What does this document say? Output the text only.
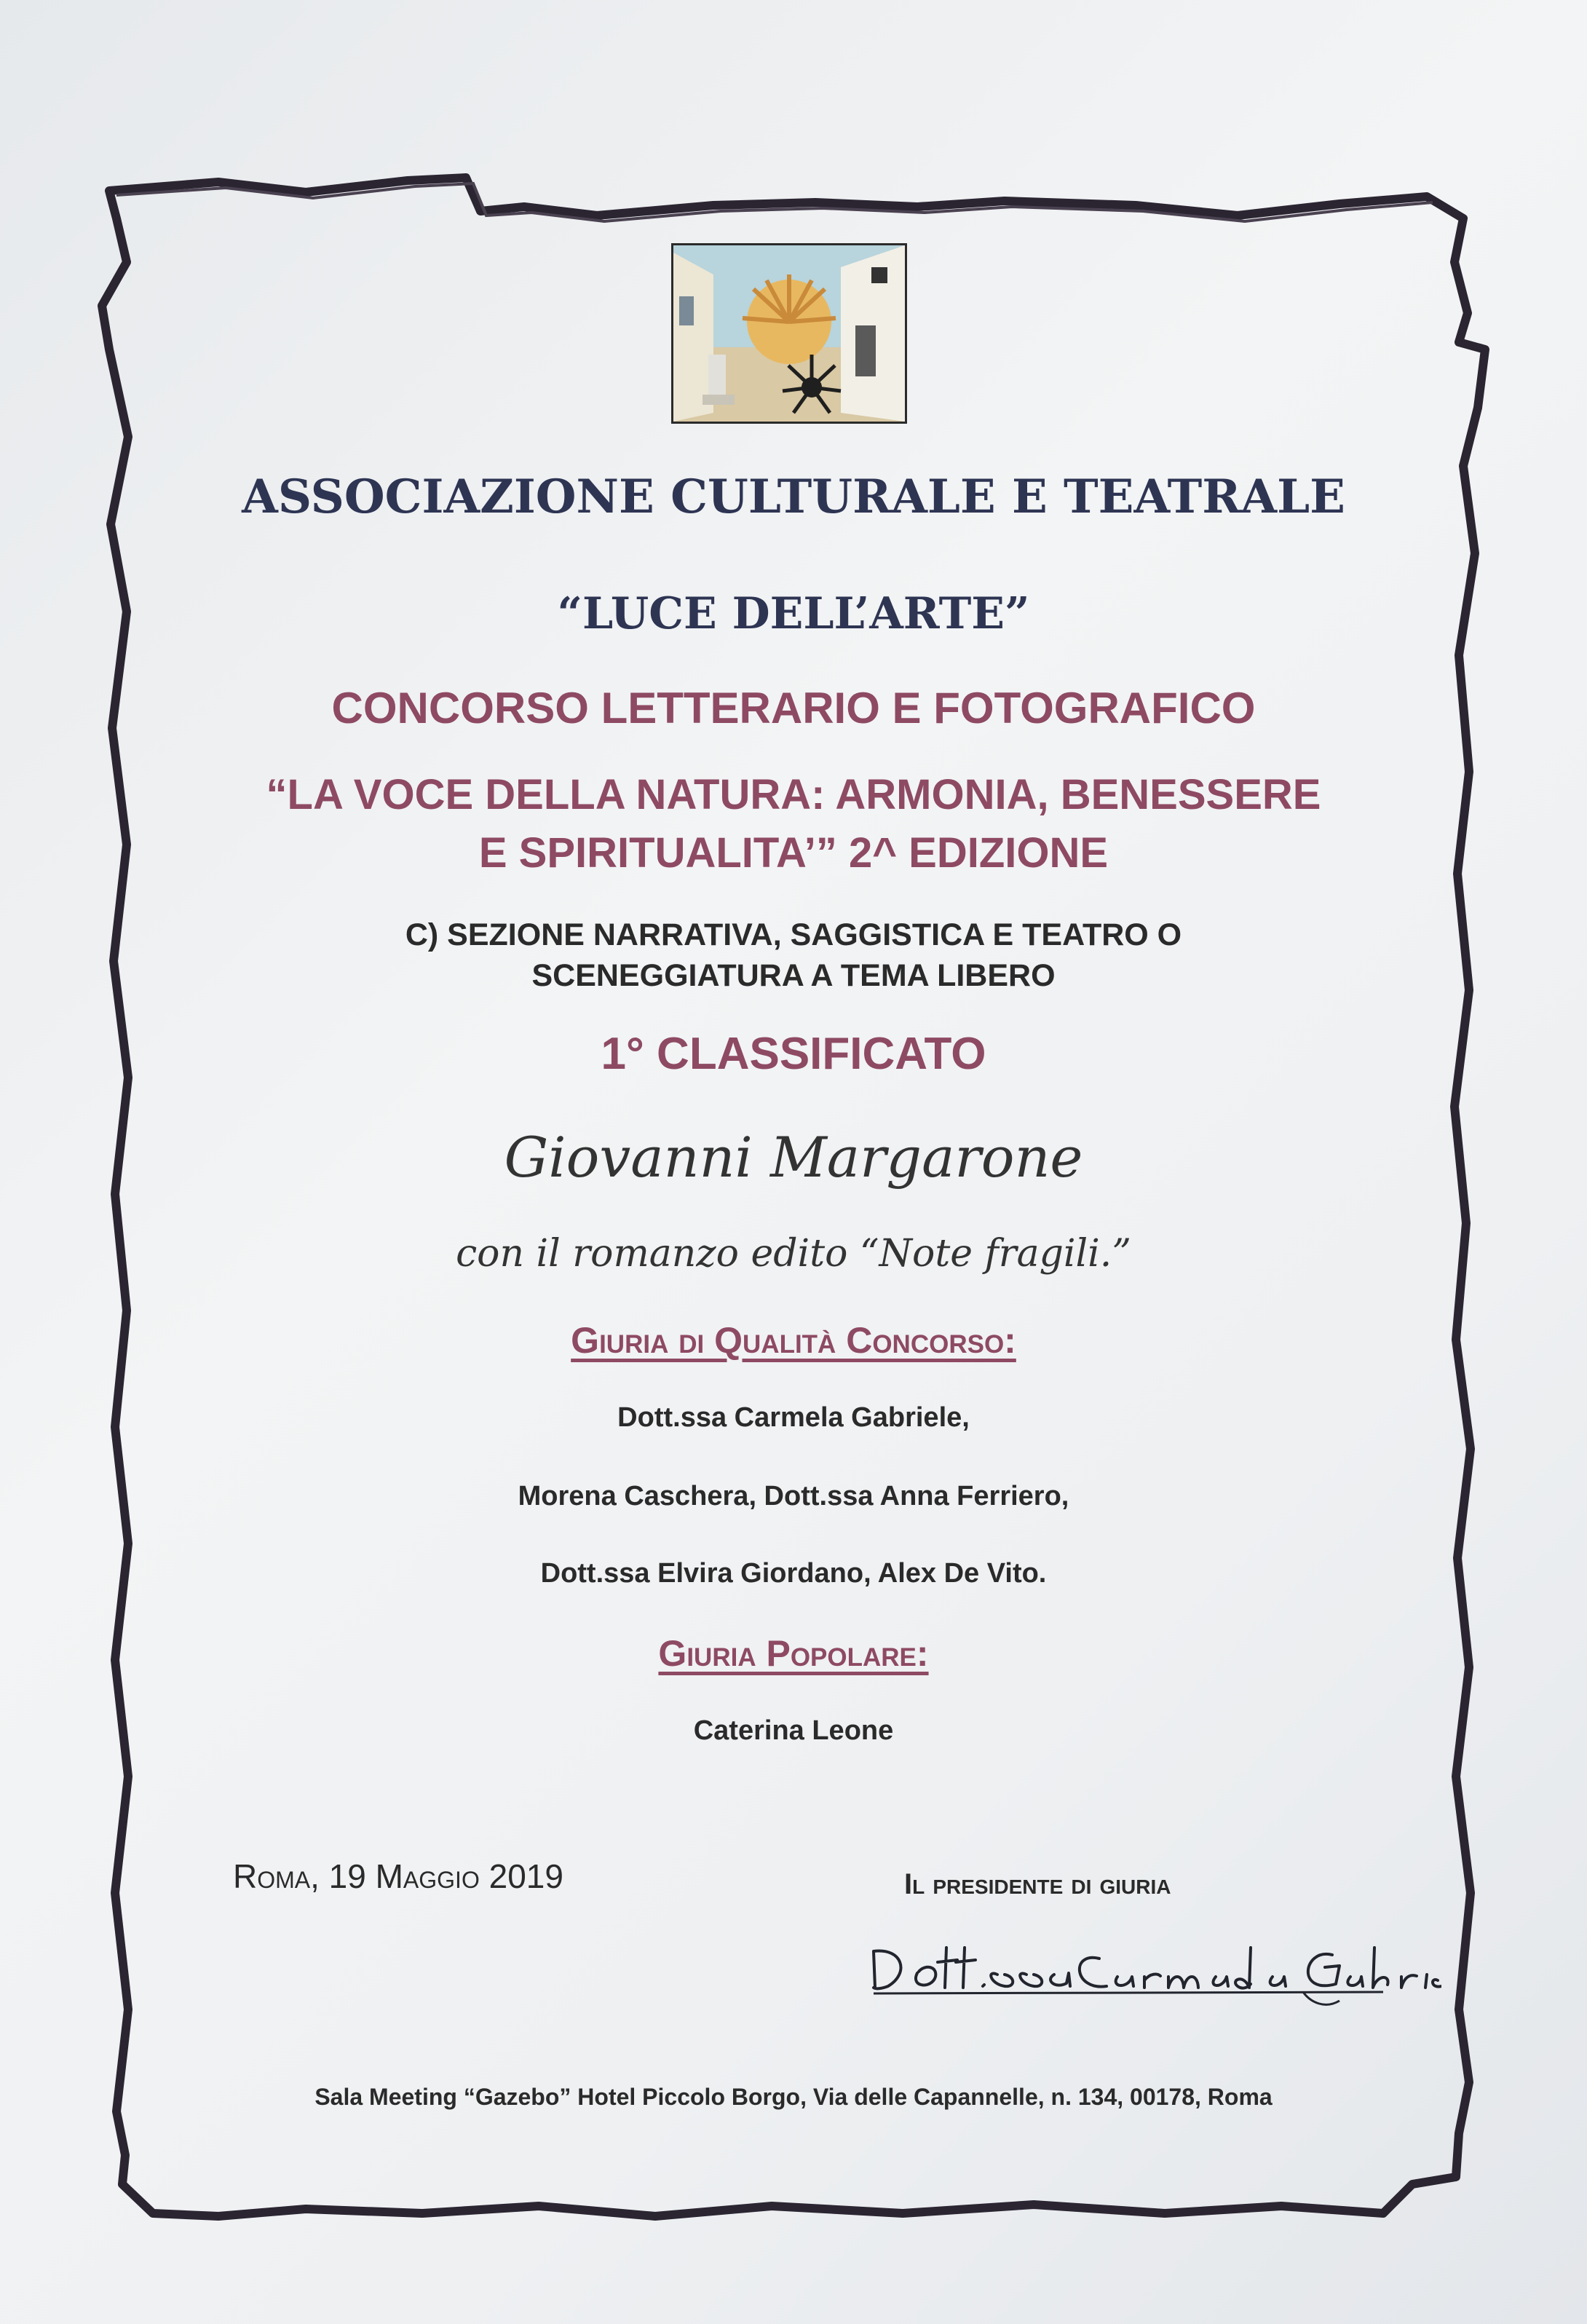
ASSOCIAZIONE CULTURALE E TEATRALE

“LUCE DELL’ARTE”

CONCORSO LETTERARIO E FOTOGRAFICO

“LA VOCE DELLA NATURA: ARMONIA, BENESSERE

E SPIRITUALITA’” 2^ EDIZIONE

C) SEZIONE NARRATIVA, SAGGISTICA E TEATRO O

SCENEGGIATURA A TEMA LIBERO

1° CLASSIFICATO

Giovanni Margarone

con il romanzo edito “Note fragili.”

Giuria di Qualità Concorso:

Dott.ssa Carmela Gabriele,

Morena Caschera, Dott.ssa Anna Ferriero,

Dott.ssa Elvira Giordano, Alex De Vito.

Giuria Popolare:

Caterina Leone

Roma, 19 Maggio 2019	Il presidente di giuria

Sala Meeting “Gazebo” Hotel Piccolo Borgo, Via delle Capannelle, n. 134, 00178, Roma
